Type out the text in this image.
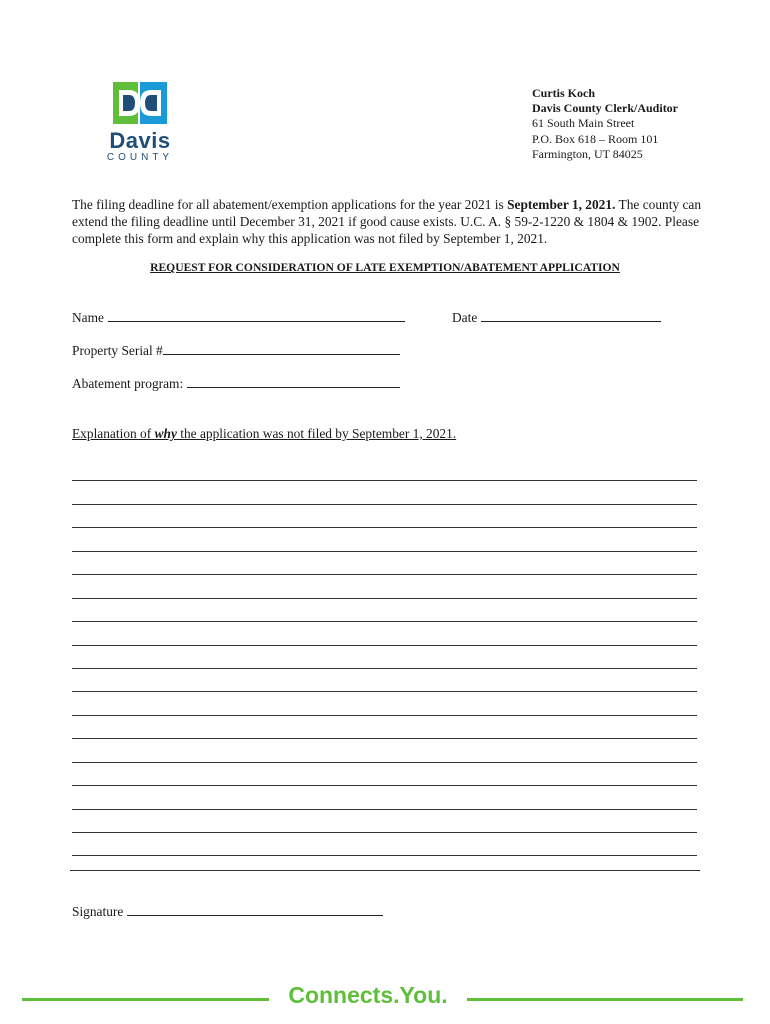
Davis
COUNTY
Curtis Koch
Davis County Clerk/Auditor
61 South Main Street
P.O. Box 618 – Room 101
Farmington, UT 84025

The filing deadline for all abatement/exemption applications for the year 2021 is September 1, 2021. The county can extend the filing deadline until December 31, 2021 if good cause exists. U.C. A. § 59-2-1220 & 1804 & 1902. Please complete this form and explain why this application was not filed by September 1, 2021.

REQUEST FOR CONSIDERATION OF LATE EXEMPTION/ABATEMENT APPLICATION
Name	Date
Property Serial #
Abatement program:
Explanation of why the application was not filed by September 1, 2021.
Signature
Connects.You.
